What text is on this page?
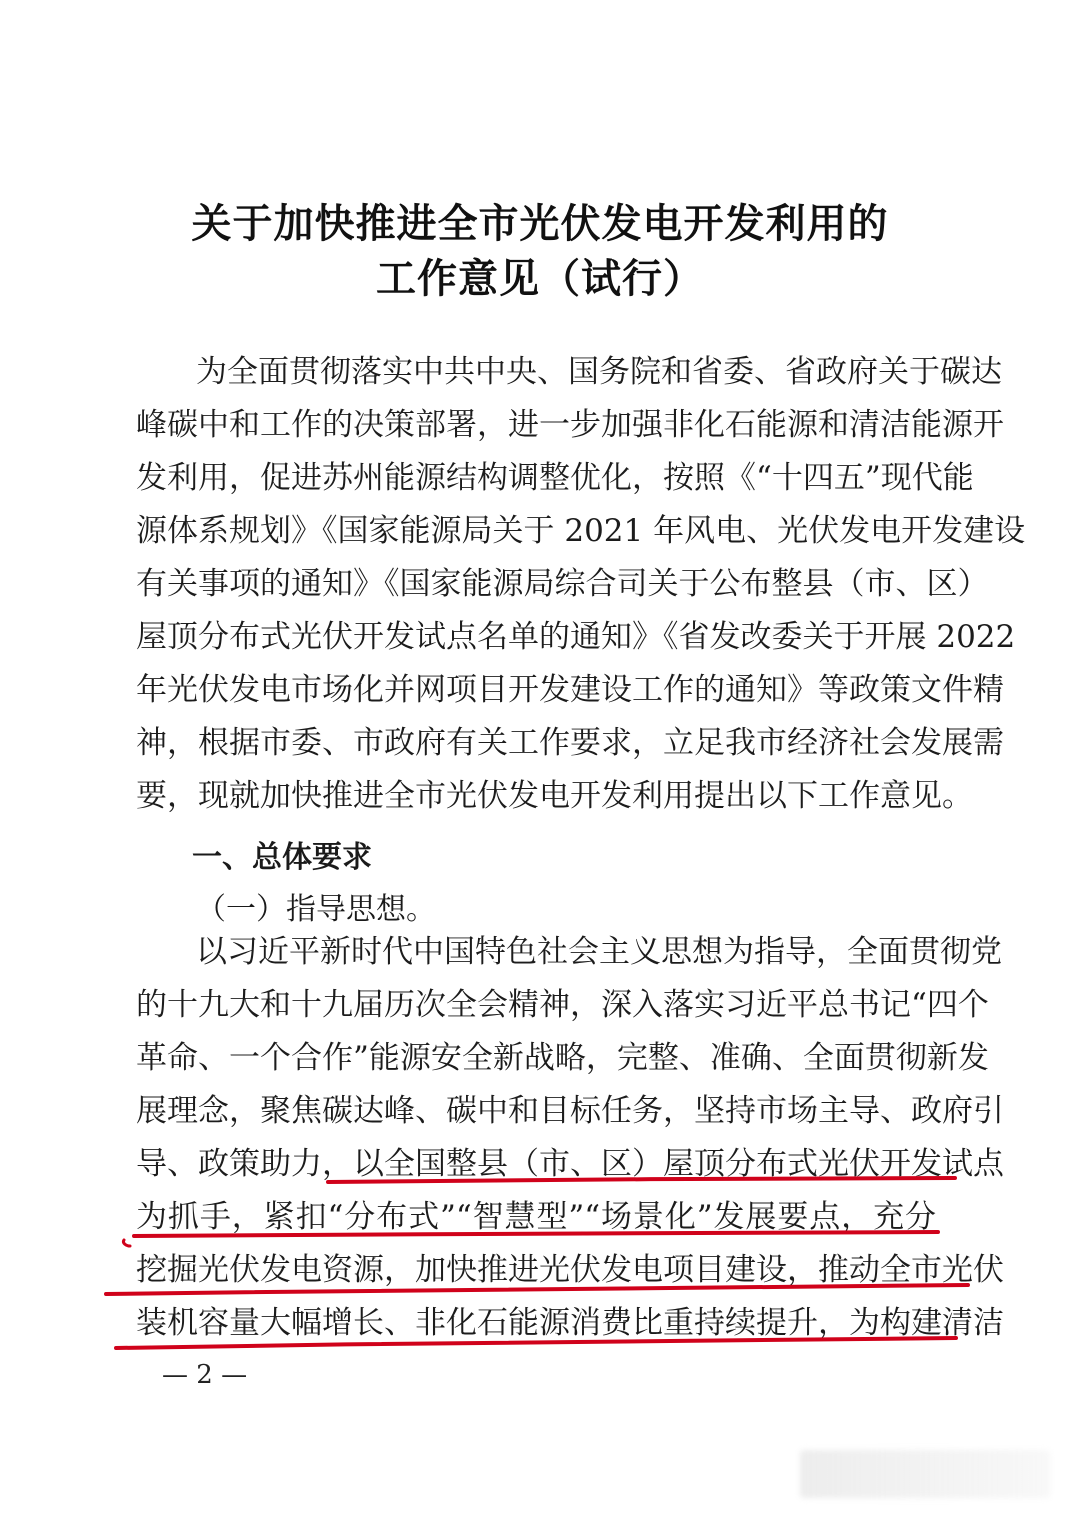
关于加快推进全市光伏发电开发利用的
工作意见（试行）
为全面贯彻落实中共中央、国务院和省委、省政府关于碳达
峰碳中和工作的决策部署，进一步加强非化石能源和清洁能源开
发利用，促进苏州能源结构调整优化，按照《“十四五”现代能
源体系规划》《国家能源局关于 2021 年风电、光伏发电开发建设
有关事项的通知》《国家能源局综合司关于公布整县（市、区）
屋顶分布式光伏开发试点名单的通知》《省发改委关于开展 2022
年光伏发电市场化并网项目开发建设工作的通知》等政策文件精
神，根据市委、市政府有关工作要求，立足我市经济社会发展需
要，现就加快推进全市光伏发电开发利用提出以下工作意见。
一、总体要求
（一）指导思想。
以习近平新时代中国特色社会主义思想为指导，全面贯彻党
的十九大和十九届历次全会精神，深入落实习近平总书记“四个
革命、一个合作”能源安全新战略，完整、准确、全面贯彻新发
展理念，聚焦碳达峰、碳中和目标任务，坚持市场主导、政府引
导、政策助力，以全国整县（市、区）屋顶分布式光伏开发试点
为抓手，紧扣“分布式”“智慧型”“场景化”发展要点，充分
挖掘光伏发电资源，加快推进光伏发电项目建设，推动全市光伏
装机容量大幅增长、非化石能源消费比重持续提升，为构建清洁
— 2 —
